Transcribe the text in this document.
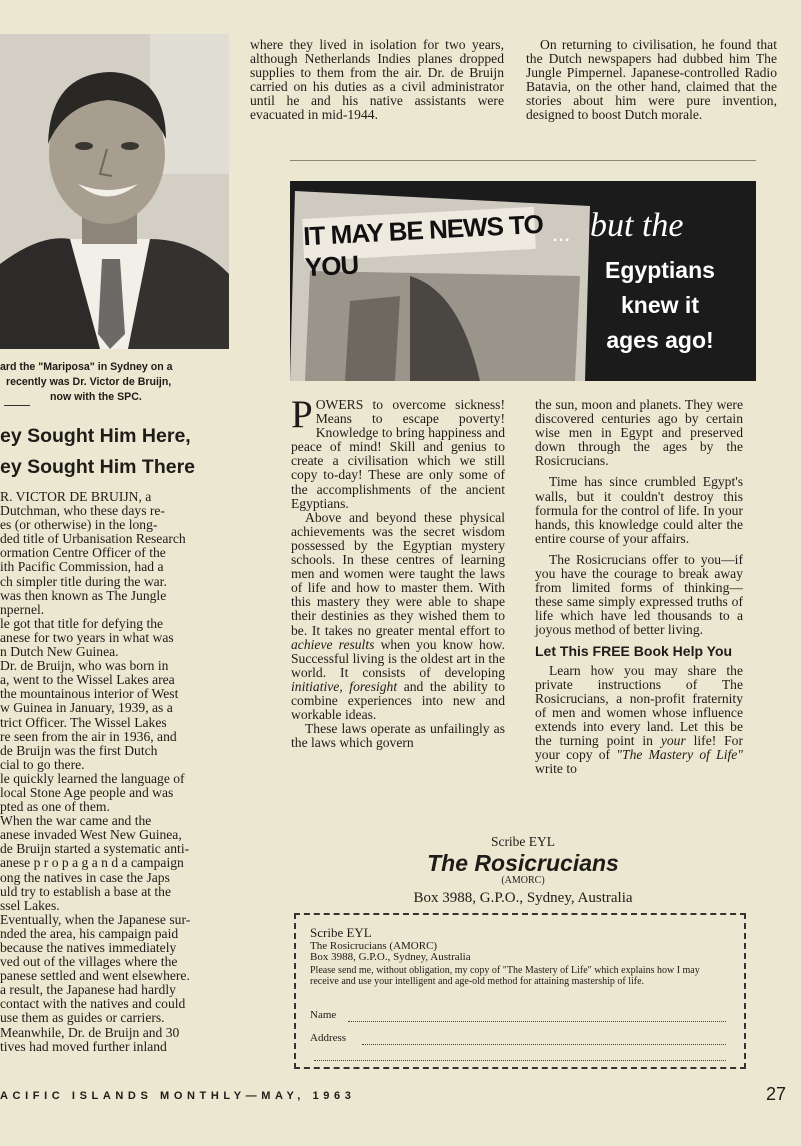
ard the "Mariposa" in Sydney on a
recently was Dr. Victor de Bruijn,
now with the SPC.
ey Sought Him Here,
ey Sought Him There

R. VICTOR DE BRUIJN, a

Dutchman, who these days re-

es (or otherwise) in the long-

ded title of Urbanisation Research

ormation Centre Officer of the

ith Pacific Commission, had a

ch simpler title during the war.

was then known as The Jungle

npernel.

le got that title for defying the

anese for two years in what was

n Dutch New Guinea.

Dr. de Bruijn, who was born in

a, went to the Wissel Lakes area

the mountainous interior of West

w Guinea in January, 1939, as a

trict Officer. The Wissel Lakes

re seen from the air in 1936, and

de Bruijn was the first Dutch

cial to go there.

le quickly learned the language of

local Stone Age people and was

pted as one of them.

When the war came and the

anese invaded West New Guinea,

de Bruijn started a systematic anti-

anese p r o p a g a n d a campaign

ong the natives in case the Japs

uld try to establish a base at the

ssel Lakes.

Eventually, when the Japanese sur-

nded the area, his campaign paid

because the natives immediately

ved out of the villages where the

panese settled and went elsewhere.

a result, the Japanese had hardly

contact with the natives and could

use them as guides or carriers.

Meanwhile, Dr. de Bruijn and 30

tives had moved further inland

where they lived in isolation for two years, although Netherlands Indies planes dropped supplies to them from the air. Dr. de Bruijn carried on his duties as a civil administrator until he and his native assistants were evacuated in mid-1944.

On returning to civilisation, he found that the Dutch newspapers had dubbed him The Jungle Pimpernel. Japanese-controlled Radio Batavia, on the other hand, claimed that the stories about him were pure invention, designed to boost Dutch morale.

IT MAY BE NEWS TO YOU
... but the
Egyptians
knew it
ages ago!

POWERS to overcome sickness! Means to escape poverty! Knowledge to bring happiness and peace of mind! Skill and genius to create a civilisation which we still copy to-day! These are only some of the accomplishments of the ancient Egyptians.

Above and beyond these physical achievements was the secret wisdom possessed by the Egyptian mystery schools. In these centres of learning men and women were taught the laws of life and how to master them. With this mastery they were able to shape their destinies as they wished them to be. It takes no greater mental effort to achieve results when you know how. Successful living is the oldest art in the world. It consists of developing initiative, foresight and the ability to combine experiences into new and workable ideas.

These laws operate as unfailingly as the laws which govern

the sun, moon and planets. They were discovered centuries ago by certain wise men in Egypt and preserved down through the ages by the Rosicrucians.

Time has since crumbled Egypt's walls, but it couldn't destroy this formula for the control of life. In your hands, this knowledge could alter the entire course of your affairs.

The Rosicrucians offer to you—if you have the courage to break away from limited forms of thinking—these same simply expressed truths of life which have led thousands to a joyous method of better living.

Let This FREE Book Help You

Learn how you may share the private instructions of The Rosicrucians, a non-profit fraternity of men and women whose influence extends into every land. Let this be the turning point in your life! For your copy of "The Mastery of Life" write to

Scribe EYL
The Rosicrucians
(AMORC)
Box 3988, G.P.O., Sydney, Australia
Scribe EYL
The Rosicrucians (AMORC)
Box 3988, G.P.O., Sydney, Australia
Please send me, without obligation, my copy of "The Mastery of Life" which explains how I may receive and use your intelligent and age-old method for attaining mastership of life.
Name
Address
ACIFIC ISLANDS MONTHLY—MAY, 1963	27
